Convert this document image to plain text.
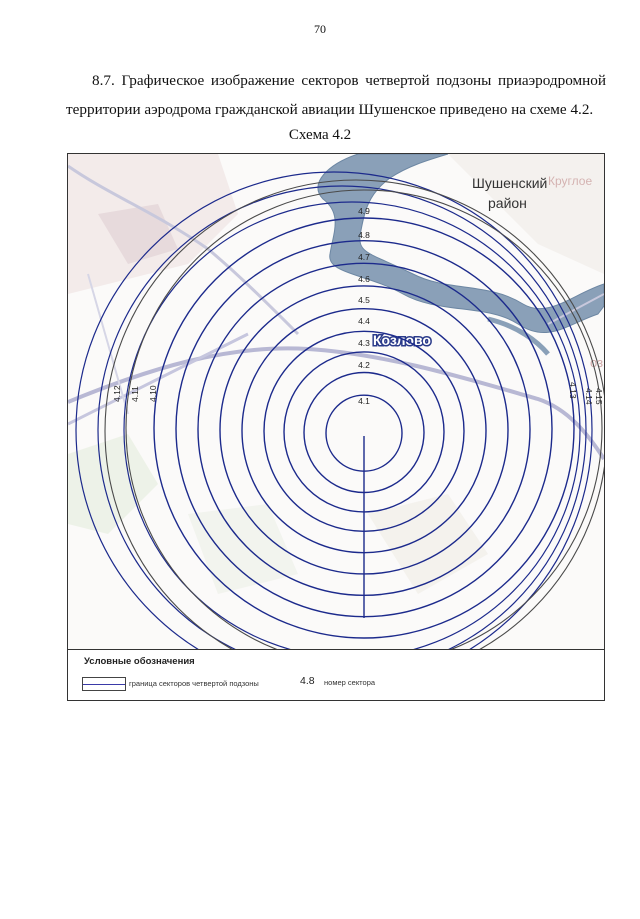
70
8.7. Графическое изображение секторов четвертой подзоны приаэродромной
территории аэродрома гражданской авиации Шушенское приведено на схеме 4.2.
Схема 4.2
Шушенский
район
Круглое
Козлово
оз
4.1
4.2
4.3
4.4
4.5
4.6
4.7
4.8
4.9
4.12 4.11 4.10	4.13 4.14 4.15
Условные обозначения
граница секторов четвертой подзоны	4.8 номер сектора
